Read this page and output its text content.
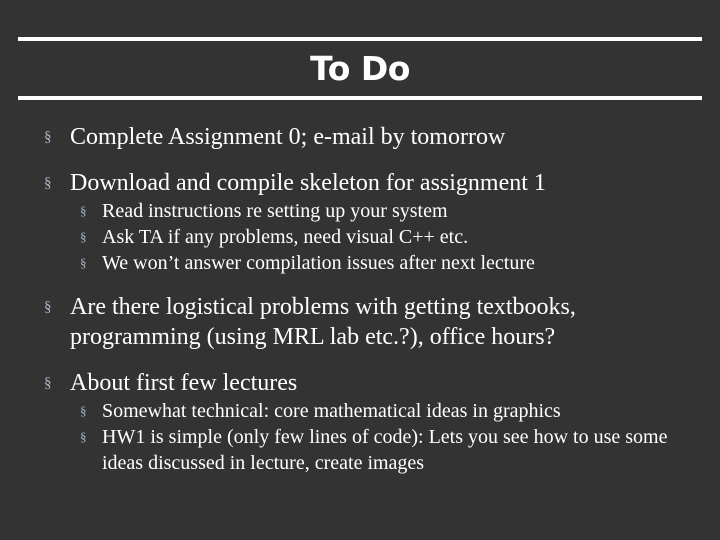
To Do
§ Complete Assignment 0; e-mail by tomorrow
§ Download and compile skeleton for assignment 1
§ Read instructions re setting up your system
§ Ask TA if any problems, need visual C++ etc.
§ We won’t answer compilation issues after next lecture
§ Are there logistical problems with getting textbooks, programming (using MRL lab etc.?), office hours?
§ About first few lectures
§ Somewhat technical: core mathematical ideas in graphics
§ HW1 is simple (only few lines of code): Lets you see how to use some ideas discussed in lecture, create images
